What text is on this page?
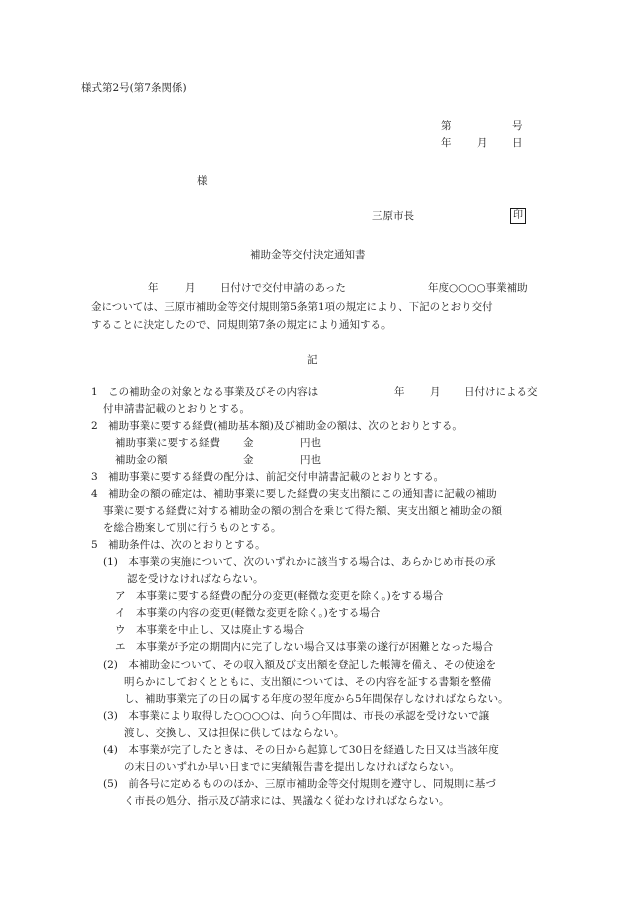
様式第2号(第7条関係)
第	号
年 月 日
様
三原市長	印
補助金等交付決定通知書
年	月 日付けで交付申請のあった	年度○○○○事業補助
金については、三原市補助金等交付規則第5条第1項の規定により、下記のとおり交付
することに決定したので、同規則第7条の規定により通知する。
記
1　この補助金の対象となる事業及びその内容は	年 月 日付けによる交
付申請書記載のとおりとする。
2　補助事業に要する経費(補助基本額)及び補助金の額は、次のとおりとする。
補助事業に要する経費 金	円也
補助金の額	金	円也
3　補助事業に要する経費の配分は、前記交付申請書記載のとおりとする。
4　補助金の額の確定は、補助事業に要した経費の実支出額にこの通知書に記載の補助
事業に要する経費に対する補助金の額の割合を乗じて得た額、実支出額と補助金の額
を総合勘案して別に行うものとする。
5　補助条件は、次のとおりとする。
(1)　本事業の実施について、次のいずれかに該当する場合は、あらかじめ市長の承
認を受けなければならない。
ア　本事業に要する経費の配分の変更(軽微な変更を除く。)をする場合
イ　本事業の内容の変更(軽微な変更を除く。)をする場合
ウ　本事業を中止し、又は廃止する場合
エ　本事業が予定の期間内に完了しない場合又は事業の遂行が困難となった場合
(2)　本補助金について、その収入額及び支出額を登記した帳簿を備え、その使途を
明らかにしておくとともに、支出額については、その内容を証する書類を整備
し、補助事業完了の日の属する年度の翌年度から5年間保存しなければならない。
(3)　本事業により取得した○○○○は、向う○年間は、市長の承認を受けないで譲
渡し、交換し、又は担保に供してはならない。
(4)　本事業が完了したときは、その日から起算して30日を経過した日又は当該年度
の末日のいずれか早い日までに実績報告書を提出しなければならない。
(5)　前各号に定めるもののほか、三原市補助金等交付規則を遵守し、同規則に基づ
く市長の処分、指示及び請求には、異議なく従わなければならない。
